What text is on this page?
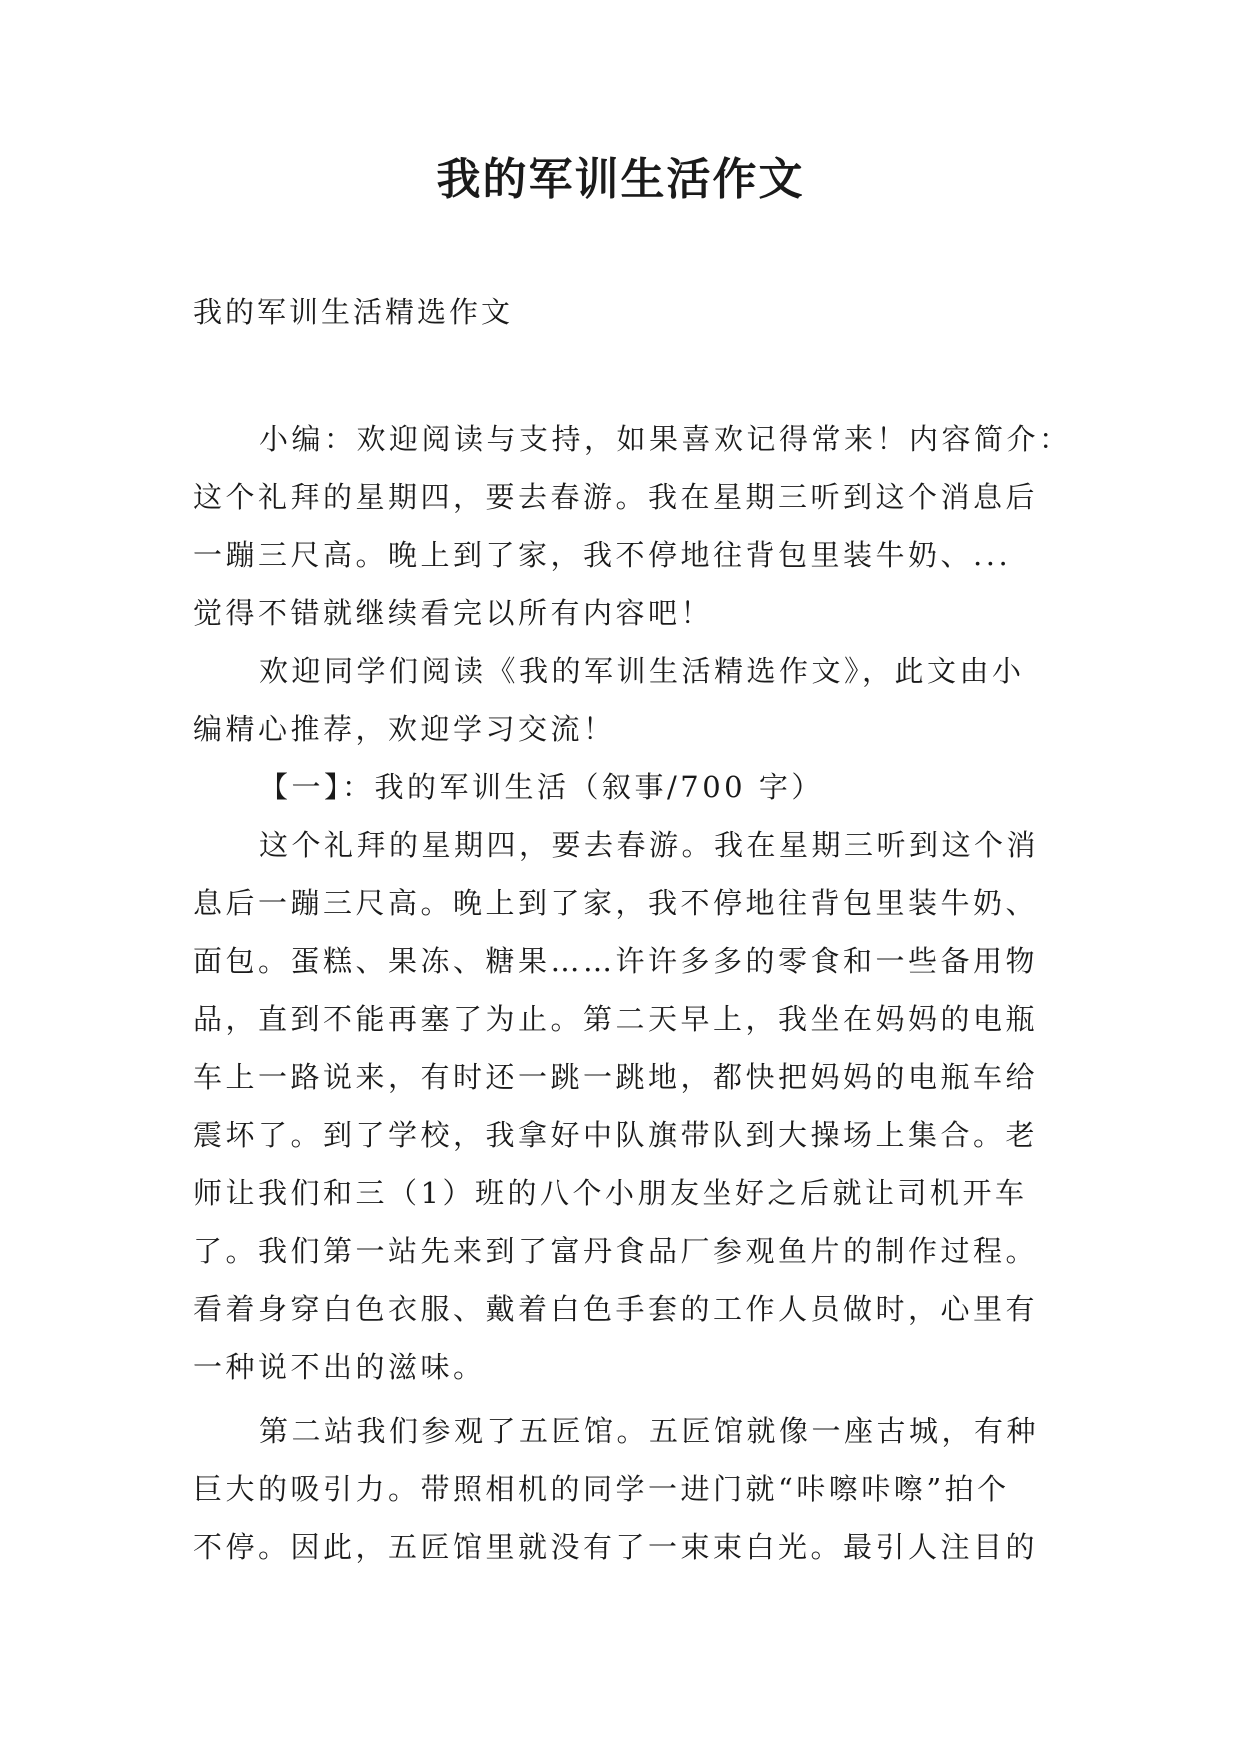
我的军训生活作文

我的军训生活精选作文

小编：欢迎阅读与支持，如果喜欢记得常来！内容简介：
这个礼拜的星期四，要去春游。我在星期三听到这个消息后
一蹦三尺高。晚上到了家，我不停地往背包里装牛奶、...
觉得不错就继续看完以所有内容吧！
欢迎同学们阅读《我的军训生活精选作文》，此文由小
编精心推荐，欢迎学习交流！
【一】：我的军训生活（叙事/700 字）
这个礼拜的星期四，要去春游。我在星期三听到这个消
息后一蹦三尺高。晚上到了家，我不停地往背包里装牛奶、
面包。蛋糕、果冻、糖果……许许多多的零食和一些备用物
品，直到不能再塞了为止。第二天早上，我坐在妈妈的电瓶
车上一路说来，有时还一跳一跳地，都快把妈妈的电瓶车给
震坏了。到了学校，我拿好中队旗带队到大操场上集合。老
师让我们和三（1）班的八个小朋友坐好之后就让司机开车
了。我们第一站先来到了富丹食品厂参观鱼片的制作过程。
看着身穿白色衣服、戴着白色手套的工作人员做时，心里有
一种说不出的滋味。
第二站我们参观了五匠馆。五匠馆就像一座古城，有种
巨大的吸引力。带照相机的同学一进门就“咔嚓咔嚓”拍个
不停。因此，五匠馆里就没有了一束束白光。最引人注目的
